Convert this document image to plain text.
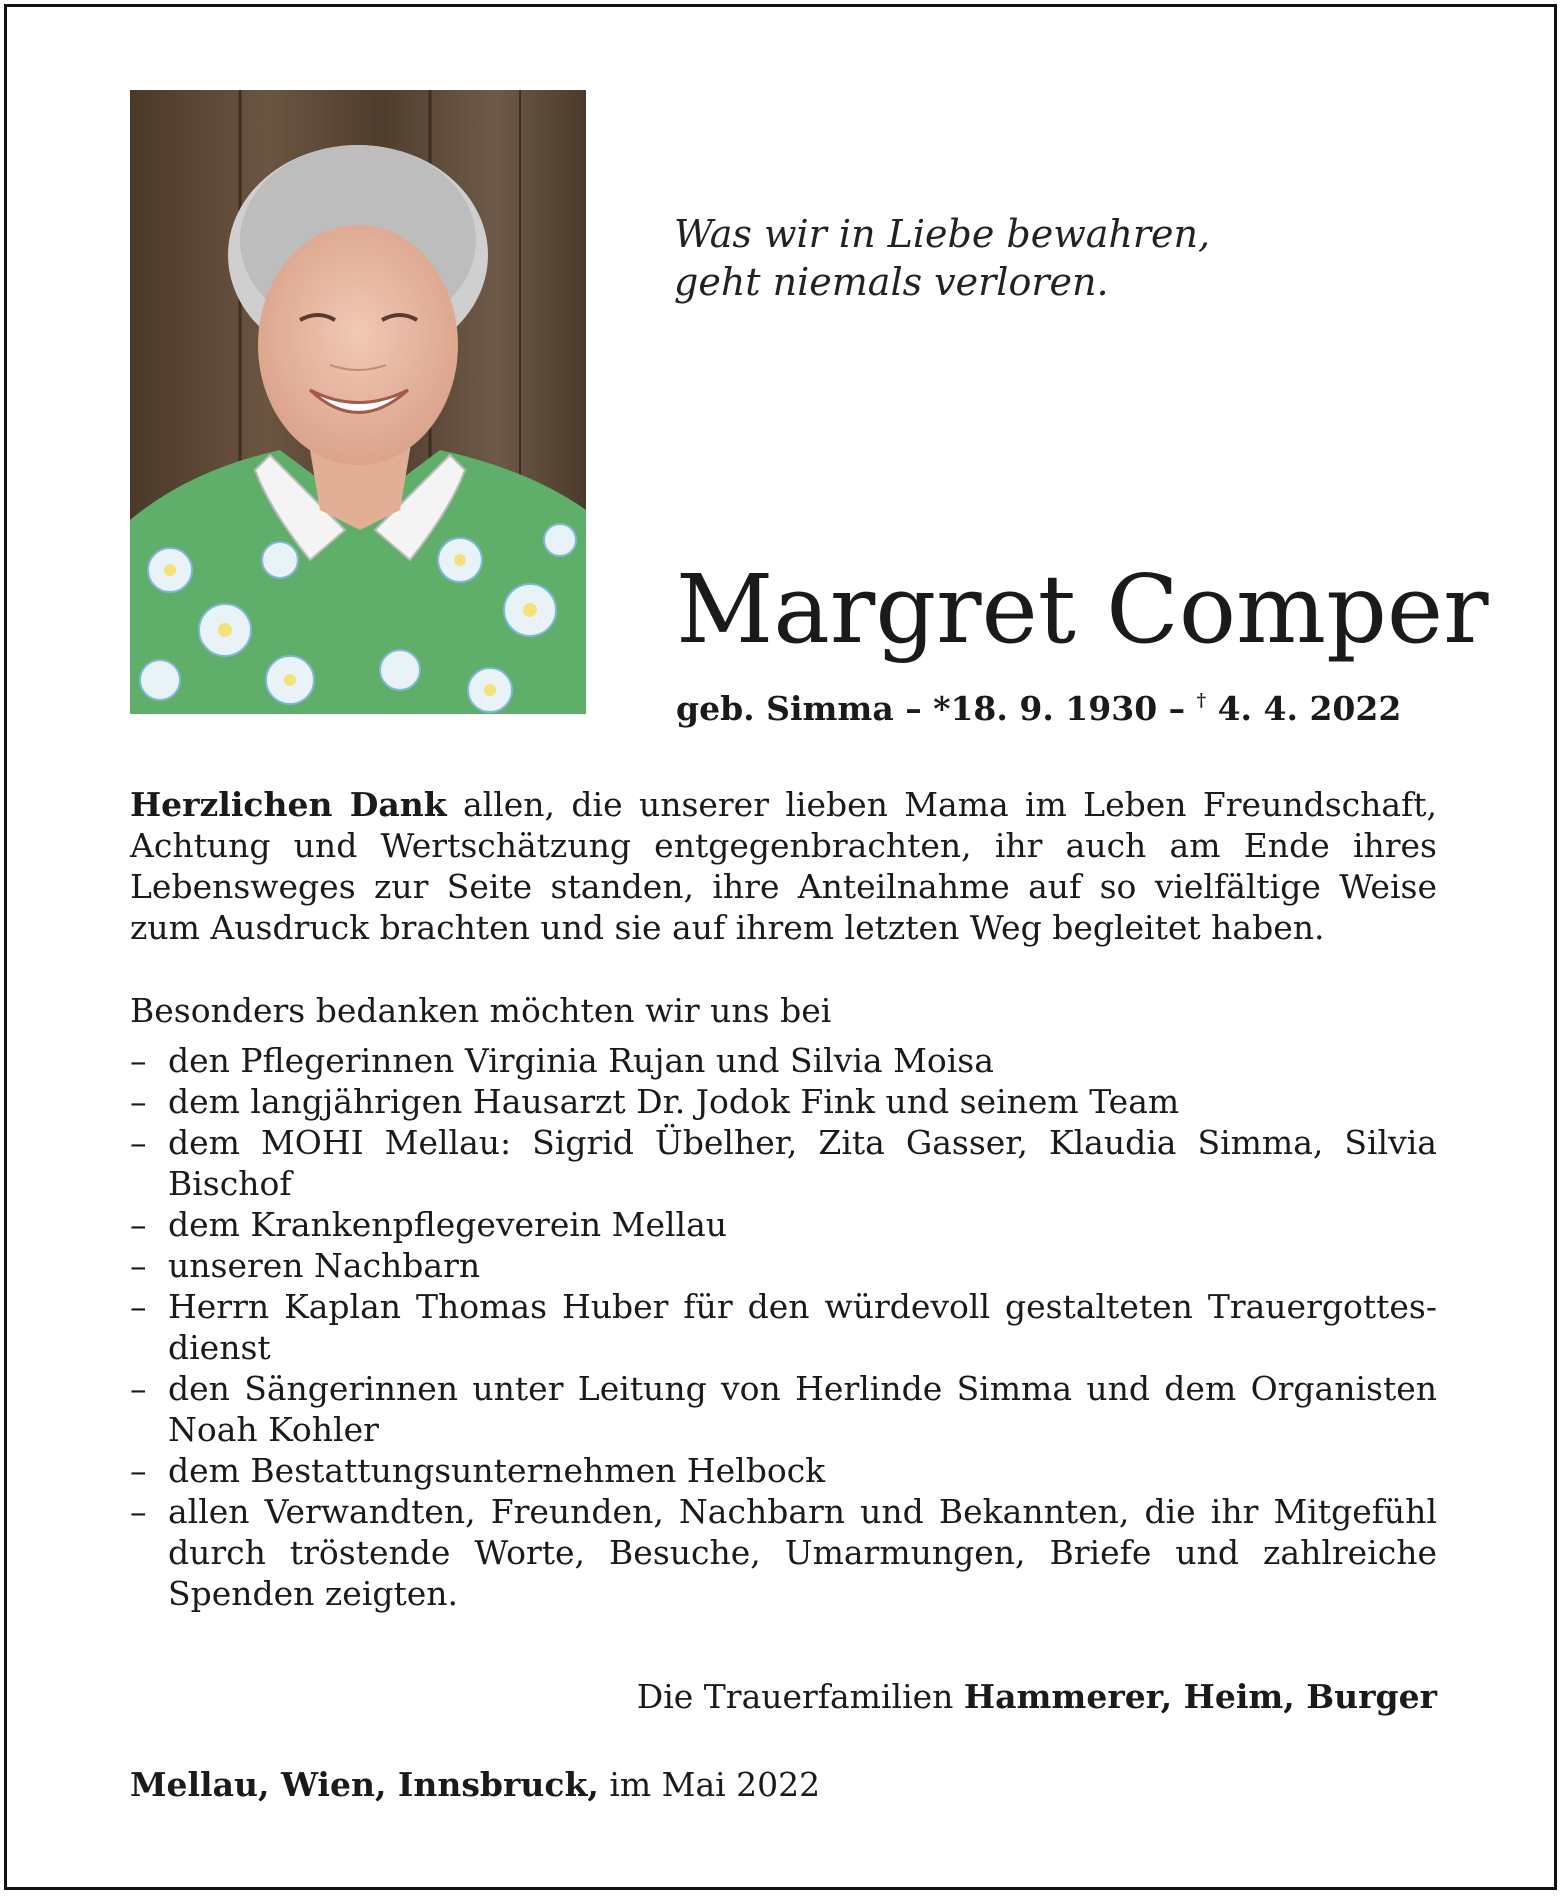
Was wir in Liebe bewahren,
geht niemals verloren.
Margret Comper
geb. Simma – *18. 9. 1930 – † 4. 4. 2022
Herzlichen Dank allen, die unserer lieben Mama im Leben Freundschaft, Achtung und Wertschätzung entgegenbrachten, ihr auch am Ende ihres Lebensweges zur Seite standen, ihre Anteilnahme auf so vielfältige Weise zum Ausdruck brachten und sie auf ihrem letzten Weg begleitet haben.
Besonders bedanken möchten wir uns bei
– den Pflegerinnen Virginia Rujan und Silvia Moisa
– dem langjährigen Hausarzt Dr. Jodok Fink und seinem Team
– dem MOHI Mellau: Sigrid Übelher, Zita Gasser, Klaudia Simma, Silvia Bischof
– dem Krankenpflegeverein Mellau
– unseren Nachbarn
– Herrn Kaplan Thomas Huber für den würdevoll gestalteten Trauergottes-dienst
– den Sängerinnen unter Leitung von Herlinde Simma und dem Organisten Noah Kohler
– dem Bestattungsunternehmen Helbock
– allen Verwandten, Freunden, Nachbarn und Bekannten, die ihr Mitgefühl durch tröstende Worte, Besuche, Umarmungen, Briefe und zahlreiche Spenden zeigten.
Die Trauerfamilien Hammerer, Heim, Burger
Mellau, Wien, Innsbruck, im Mai 2022
